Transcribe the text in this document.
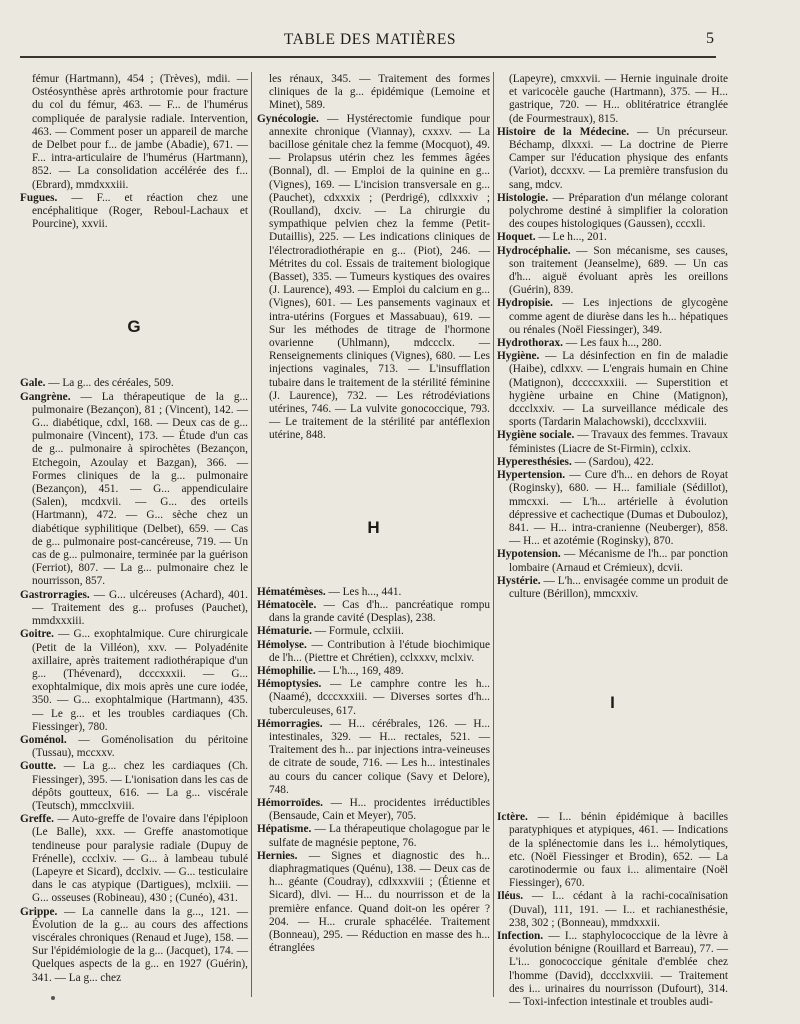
TABLE DES MATIÈRES	5

fémur (Hartmann), 454 ; (Trèves), mdii. — Ostéosynthèse après arthrotomie pour fracture du col du fémur, 463. — F... de l'humérus compliquée de paralysie radiale. Intervention, 463. — Comment poser un appareil de marche de Delbet pour f... de jambe (Abadie), 671. — F... intra-articulaire de l'humérus (Hartmann), 852. — La consolidation accélérée des f... (Ebrard), mmdxxxiii.

Fugues. — F... et réaction chez une encéphalitique (Roger, Reboul-Lachaux et Pourcine), xxvii.

G

Gale. — La g... des céréales, 509.

Gangrène. — La thérapeutique de la g... pulmonaire (Bezançon), 81 ; (Vincent), 142. — G... diabétique, cdxl, 168. — Deux cas de g... pulmonaire (Vincent), 173. — Étude d'un cas de g... pulmonaire à spirochètes (Bezançon, Etchegoin, Azoulay et Bazgan), 366. — Formes cliniques de la g... pulmonaire (Bezançon), 451. — G... appendiculaire (Salen), mcdxvii. — G... des orteils (Hartmann), 472. — G... sèche chez un diabétique syphilitique (Delbet), 659. — Cas de g... pulmonaire post-cancéreuse, 719. — Un cas de g... pulmonaire, terminée par la guérison (Ferriot), 807. — La g... pulmonaire chez le nourrisson, 857.

Gastrorragies. — G... ulcéreuses (Achard), 401. — Traitement des g... profuses (Pauchet), mmdxxxiii.

Goitre. — G... exophtalmique. Cure chirurgicale (Petit de la Villéon), xxv. — Polyadénite axillaire, après traitement radiothérapique d'un g... (Thévenard), dcccxxxii. — G... exophtalmique, dix mois après une cure iodée, 350. — G... exophtalmique (Hartmann), 435. — Le g... et les troubles cardiaques (Ch. Fiessinger), 780.

Goménol. — Goménolisation du péritoine (Tussau), mccxxv.

Goutte. — La g... chez les cardiaques (Ch. Fiessinger), 395. — L'ionisation dans les cas de dépôts goutteux, 616. — La g... viscérale (Teutsch), mmcclxviii.

Greffe. — Auto-greffe de l'ovaire dans l'épiploon (Le Balle), xxx. — Greffe anastomotique tendineuse pour paralysie radiale (Dupuy de Frénelle), ccclxiv. — G... à lambeau tubulé (Lapeyre et Sicard), dcclxiv. — G... testiculaire dans le cas atypique (Dartigues), mclxiii. — G... osseuses (Robineau), 430 ; (Cunéo), 431.

Grippe. — La cannelle dans la g..., 121. — Évolution de la g... au cours des affections viscérales chroniques (Renaud et Juge), 158. — Sur l'épidémiologie de la g... (Jacquet), 174. — Quelques aspects de la g... en 1927 (Guérin), 341. — La g... chez

les rénaux, 345. — Traitement des formes cliniques de la g... épidémique (Lemoine et Minet), 589.

Gynécologie. — Hystérectomie fundique pour annexite chronique (Viannay), cxxxv. — La bacillose génitale chez la femme (Mocquot), 49. — Prolapsus utérin chez les femmes âgées (Bonnal), dl. — Emploi de la quinine en g... (Vignes), 169. — L'incision transversale en g... (Pauchet), cdxxxix ; (Perdrigé), cdlxxxiv ; (Roulland), dxciv. — La chirurgie du sympathique pelvien chez la femme (Petit-Dutaillis), 225. — Les indications cliniques de l'électroradiothérapie en g... (Piot), 246. — Métrites du col. Essais de traitement biologique (Basset), 335. — Tumeurs kystiques des ovaires (J. Laurence), 493. — Emploi du calcium en g... (Vignes), 601. — Les pansements vaginaux et intra-utérins (Forgues et Massabuau), 619. — Sur les méthodes de titrage de l'hormone ovarienne (Uhlmann), mdccclx. — Renseignements cliniques (Vignes), 680. — Les injections vaginales, 713. — L'insufflation tubaire dans le traitement de la stérilité féminine (J. Laurence), 732. — Les rétrodéviations utérines, 746. — La vulvite gonococcique, 793. — Le traitement de la stérilité par antéflexion utérine, 848.

H

Hématémèses. — Les h..., 441.

Hématocèle. — Cas d'h... pancréatique rompu dans la grande cavité (Desplas), 238.

Hématurie. — Formule, cclxiii.

Hémolyse. — Contribution à l'étude biochimique de l'h... (Piettre et Chrétien), cclxxxv, mclxiv.

Hémophilie. — L'h..., 169, 489.

Hémoptysies. — Le camphre contre les h... (Naamé), dcccxxxiii. — Diverses sortes d'h... tuberculeuses, 617.

Hémorragies. — H... cérébrales, 126. — H... intestinales, 329. — H... rectales, 521. — Traitement des h... par injections intra-veineuses de citrate de soude, 716. — Les h... intestinales au cours du cancer colique (Savy et Delore), 748.

Hémorroïdes. — H... procidentes irréductibles (Bensaude, Cain et Meyer), 705.

Hépatisme. — La thérapeutique cholagogue par le sulfate de magnésie peptone, 76.

Hernies. — Signes et diagnostic des h... diaphragmatiques (Quénu), 138. — Deux cas de h... géante (Coudray), cdlxxxviii ; (Étienne et Sicard), dlvi. — H... du nourrisson et de la première enfance. Quand doit-on les opérer ? 204. — H... crurale sphacélée. Traitement (Bonneau), 295. — Réduction en masse des h... étranglées

(Lapeyre), cmxxvii. — Hernie inguinale droite et varicocèle gauche (Hartmann), 375. — H... gastrique, 720. — H... oblitératrice étranglée (de Fourmestraux), 815.

Histoire de la Médecine. — Un précurseur. Béchamp, dlxxxi. — La doctrine de Pierre Camper sur l'éducation physique des enfants (Variot), dccxxv. — La première transfusion du sang, mdcv.

Histologie. — Préparation d'un mélange colorant polychrome destiné à simplifier la coloration des coupes histologiques (Gaussen), cccxli.

Hoquet. — Le h..., 201.

Hydrocéphalie. — Son mécanisme, ses causes, son traitement (Jeanselme), 689. — Un cas d'h... aiguë évoluant après les oreillons (Guérin), 839.

Hydropisie. — Les injections de glycogène comme agent de diurèse dans les h... hépatiques ou rénales (Noël Fiessinger), 349.

Hydrothorax. — Les faux h..., 280.

Hygiène. — La désinfection en fin de maladie (Haibe), cdlxxv. — L'engrais humain en Chine (Matignon), dccccxxxiii. — Superstition et hygiène urbaine en Chine (Matignon), dccclxxiv. — La surveillance médicale des sports (Tardarin Malachowski), dccclxxviii.

Hygiène sociale. — Travaux des femmes. Travaux féministes (Liacre de St-Firmin), cclxix.

Hyperesthésies. — (Sardou), 422.

Hypertension. — Cure d'h... en dehors de Royat (Roginsky), 680. — H... familiale (Sédillot), mmcxxi. — L'h... artérielle à évolution dépressive et cachectique (Dumas et Dubouloz), 841. — H... intra-cranienne (Neuberger), 858. — H... et azotémie (Roginsky), 870.

Hypotension. — Mécanisme de l'h... par ponction lombaire (Arnaud et Crémieux), dcvii.

Hystérie. — L'h... envisagée comme un produit de culture (Bérillon), mmcxxiv.

I

Ictère. — I... bénin épidémique à bacilles paratyphiques et atypiques, 461. — Indications de la splénectomie dans les i... hémolytiques, etc. (Noël Fiessinger et Brodin), 652. — La carotinodermie ou faux i... alimentaire (Noël Fiessinger), 670.

Iléus. — I... cédant à la rachi-cocaïnisation (Duval), 111, 191. — I... et rachianesthésie, 238, 302 ; (Bonneau), mmdxxxii.

Infection. — I... staphylococcique de la lèvre à évolution bénigne (Rouillard et Barreau), 77. — L'i... gonococcique génitale d'emblée chez l'homme (David), dccclxxviii. — Traitement des i... urinaires du nourrisson (Dufourt), 314. — Toxi-infection intestinale et troubles audi-
